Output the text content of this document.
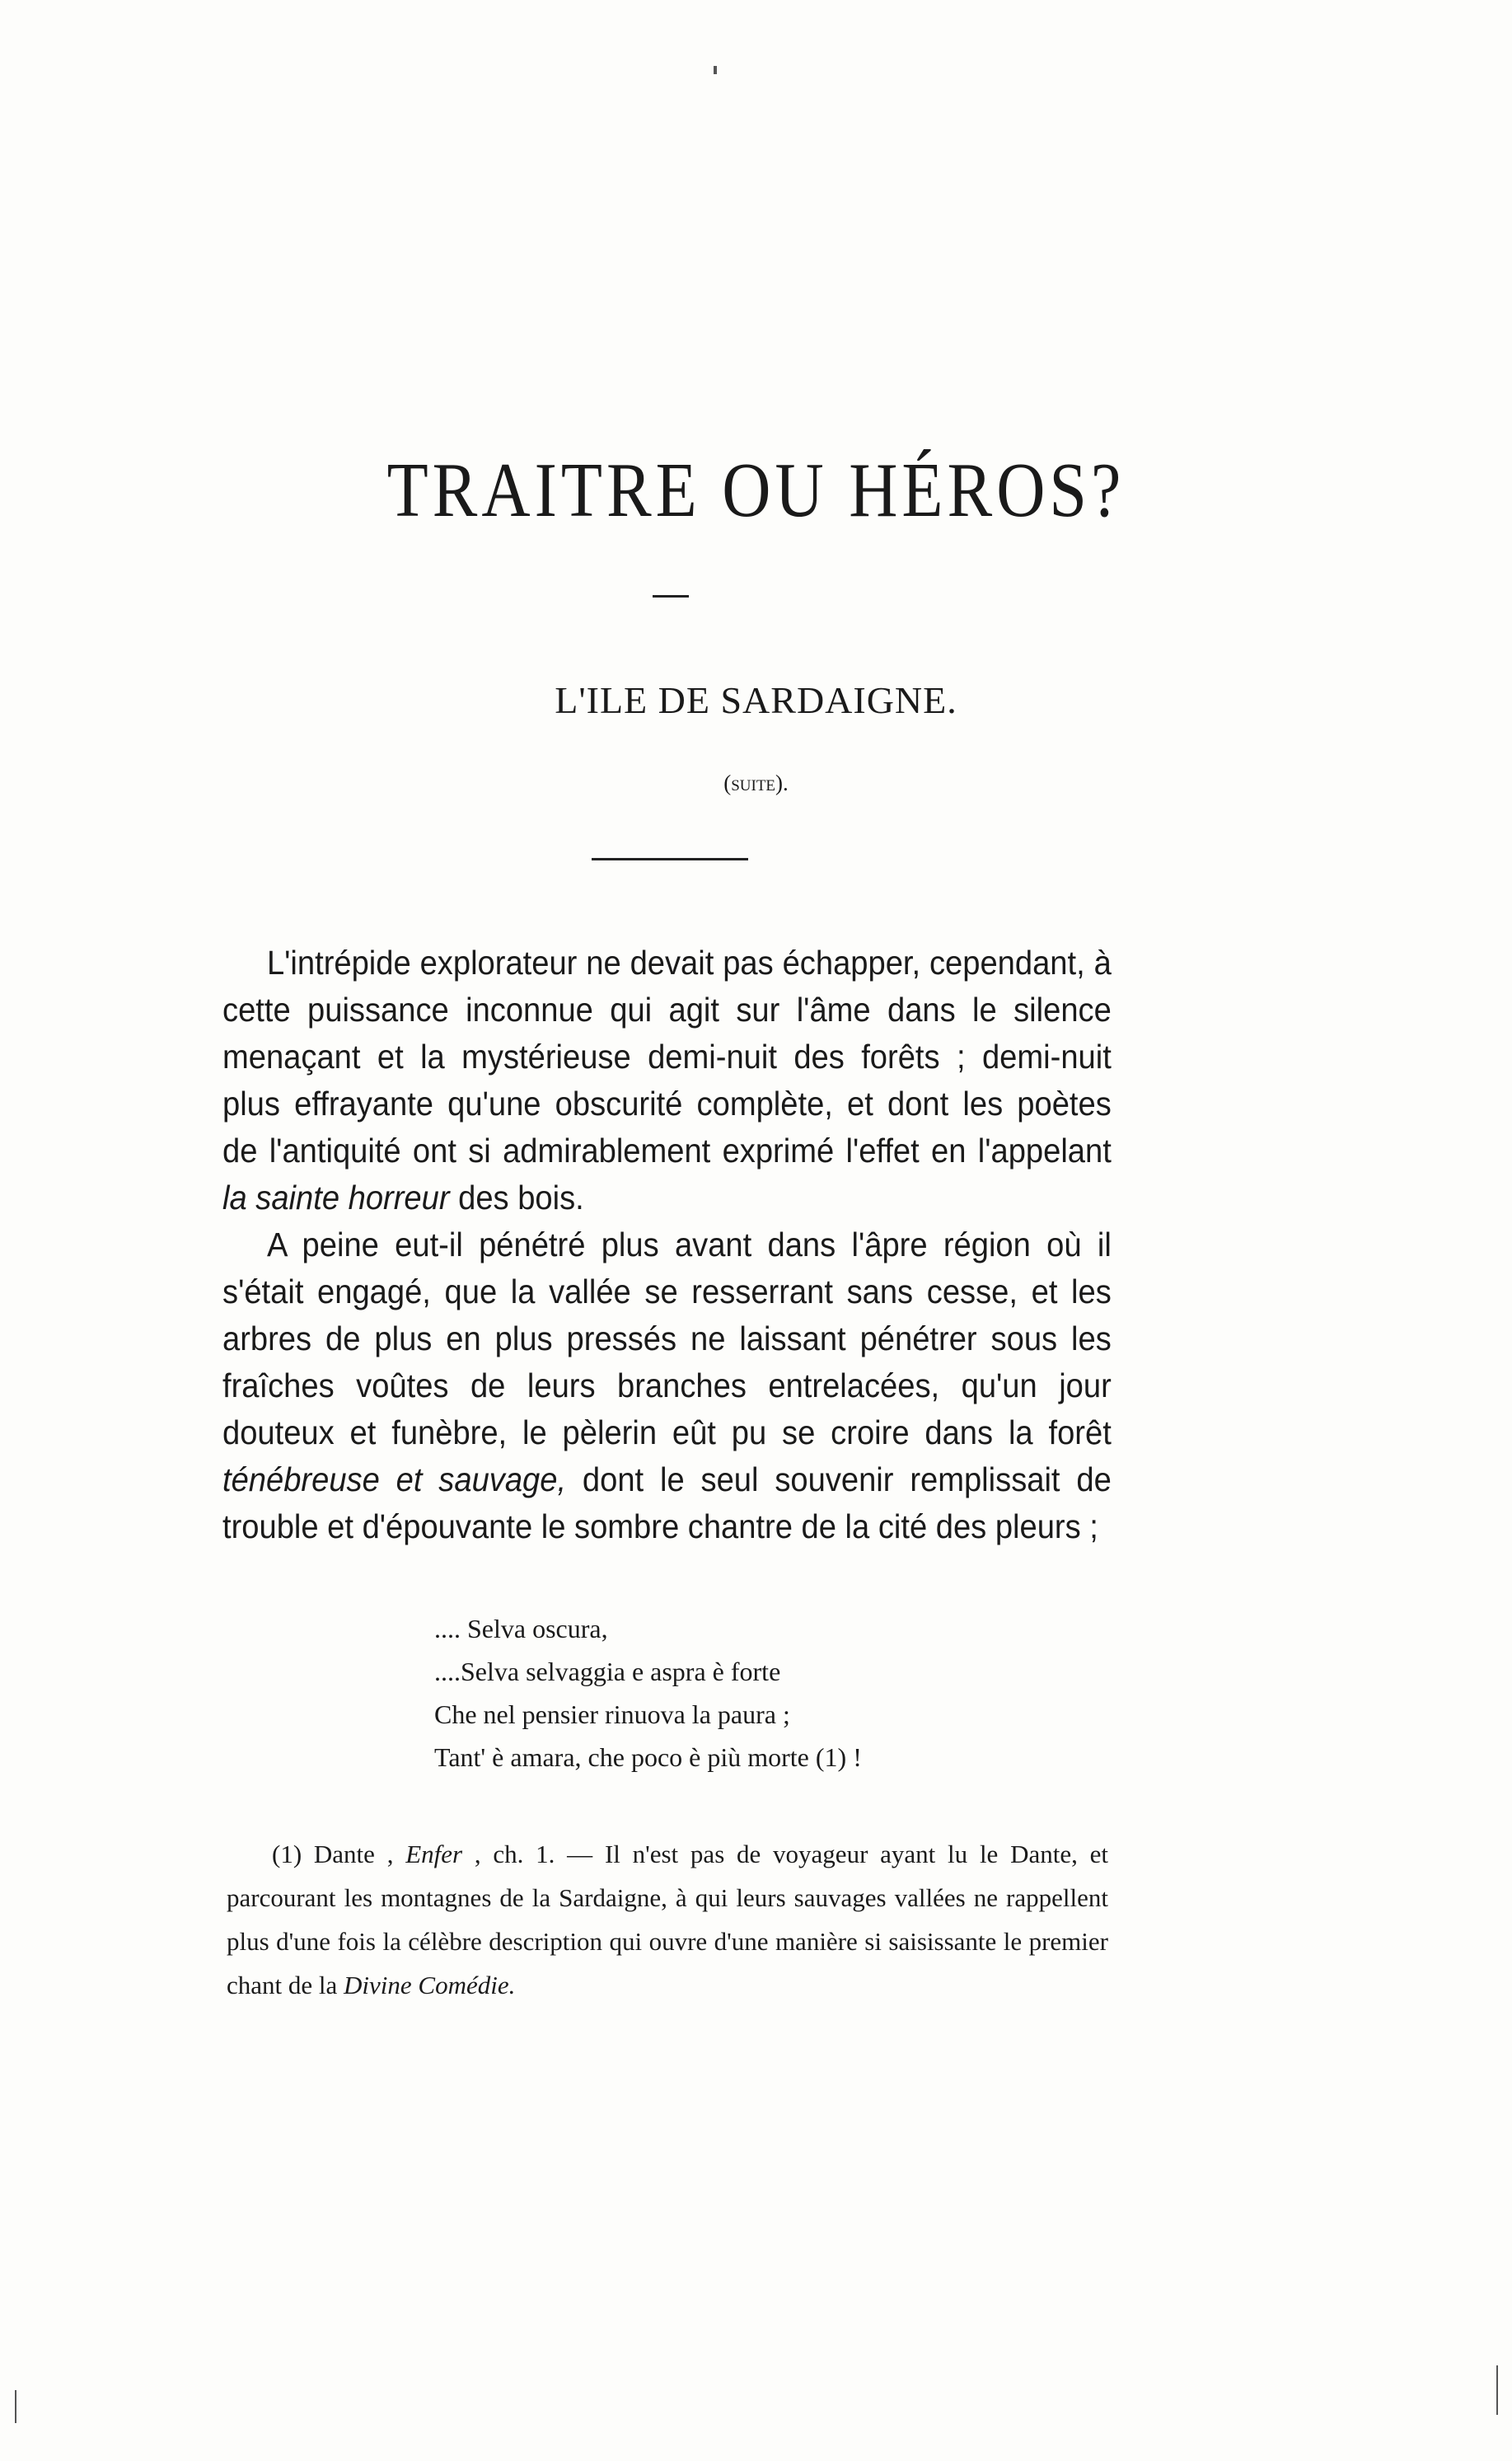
TRAITRE OU HÉROS?
L'ILE DE SARDAIGNE.
(suite).

L'intrépide explorateur ne devait pas échapper, cependant, à cette puissance inconnue qui agit sur l'âme dans le silence menaçant et la mystérieuse demi-nuit des forêts ; demi-nuit plus effrayante qu'une obscurité complète, et dont les poètes de l'antiquité ont si admirablement exprimé l'effet en l'appelant la sainte horreur des bois.

A peine eut-il pénétré plus avant dans l'âpre région où il s'était engagé, que la vallée se resserrant sans cesse, et les arbres de plus en plus pressés ne laissant pénétrer sous les fraîches voûtes de leurs branches entrelacées, qu'un jour douteux et funèbre, le pèlerin eût pu se croire dans la forêt ténébreuse et sauvage, dont le seul souvenir remplissait de trouble et d'épouvante le sombre chantre de la cité des pleurs ;

.... Selva oscura,
....Selva selvaggia e aspra è forte
Che nel pensier rinuova la paura ;
Tant' è amara, che poco è più morte (1) !

(1) Dante , Enfer , ch. 1. — Il n'est pas de voyageur ayant lu le Dante, et parcourant les montagnes de la Sardaigne, à qui leurs sauvages vallées ne rappellent plus d'une fois la célèbre description qui ouvre d'une manière si saisissante le premier chant de la Divine Comédie.
